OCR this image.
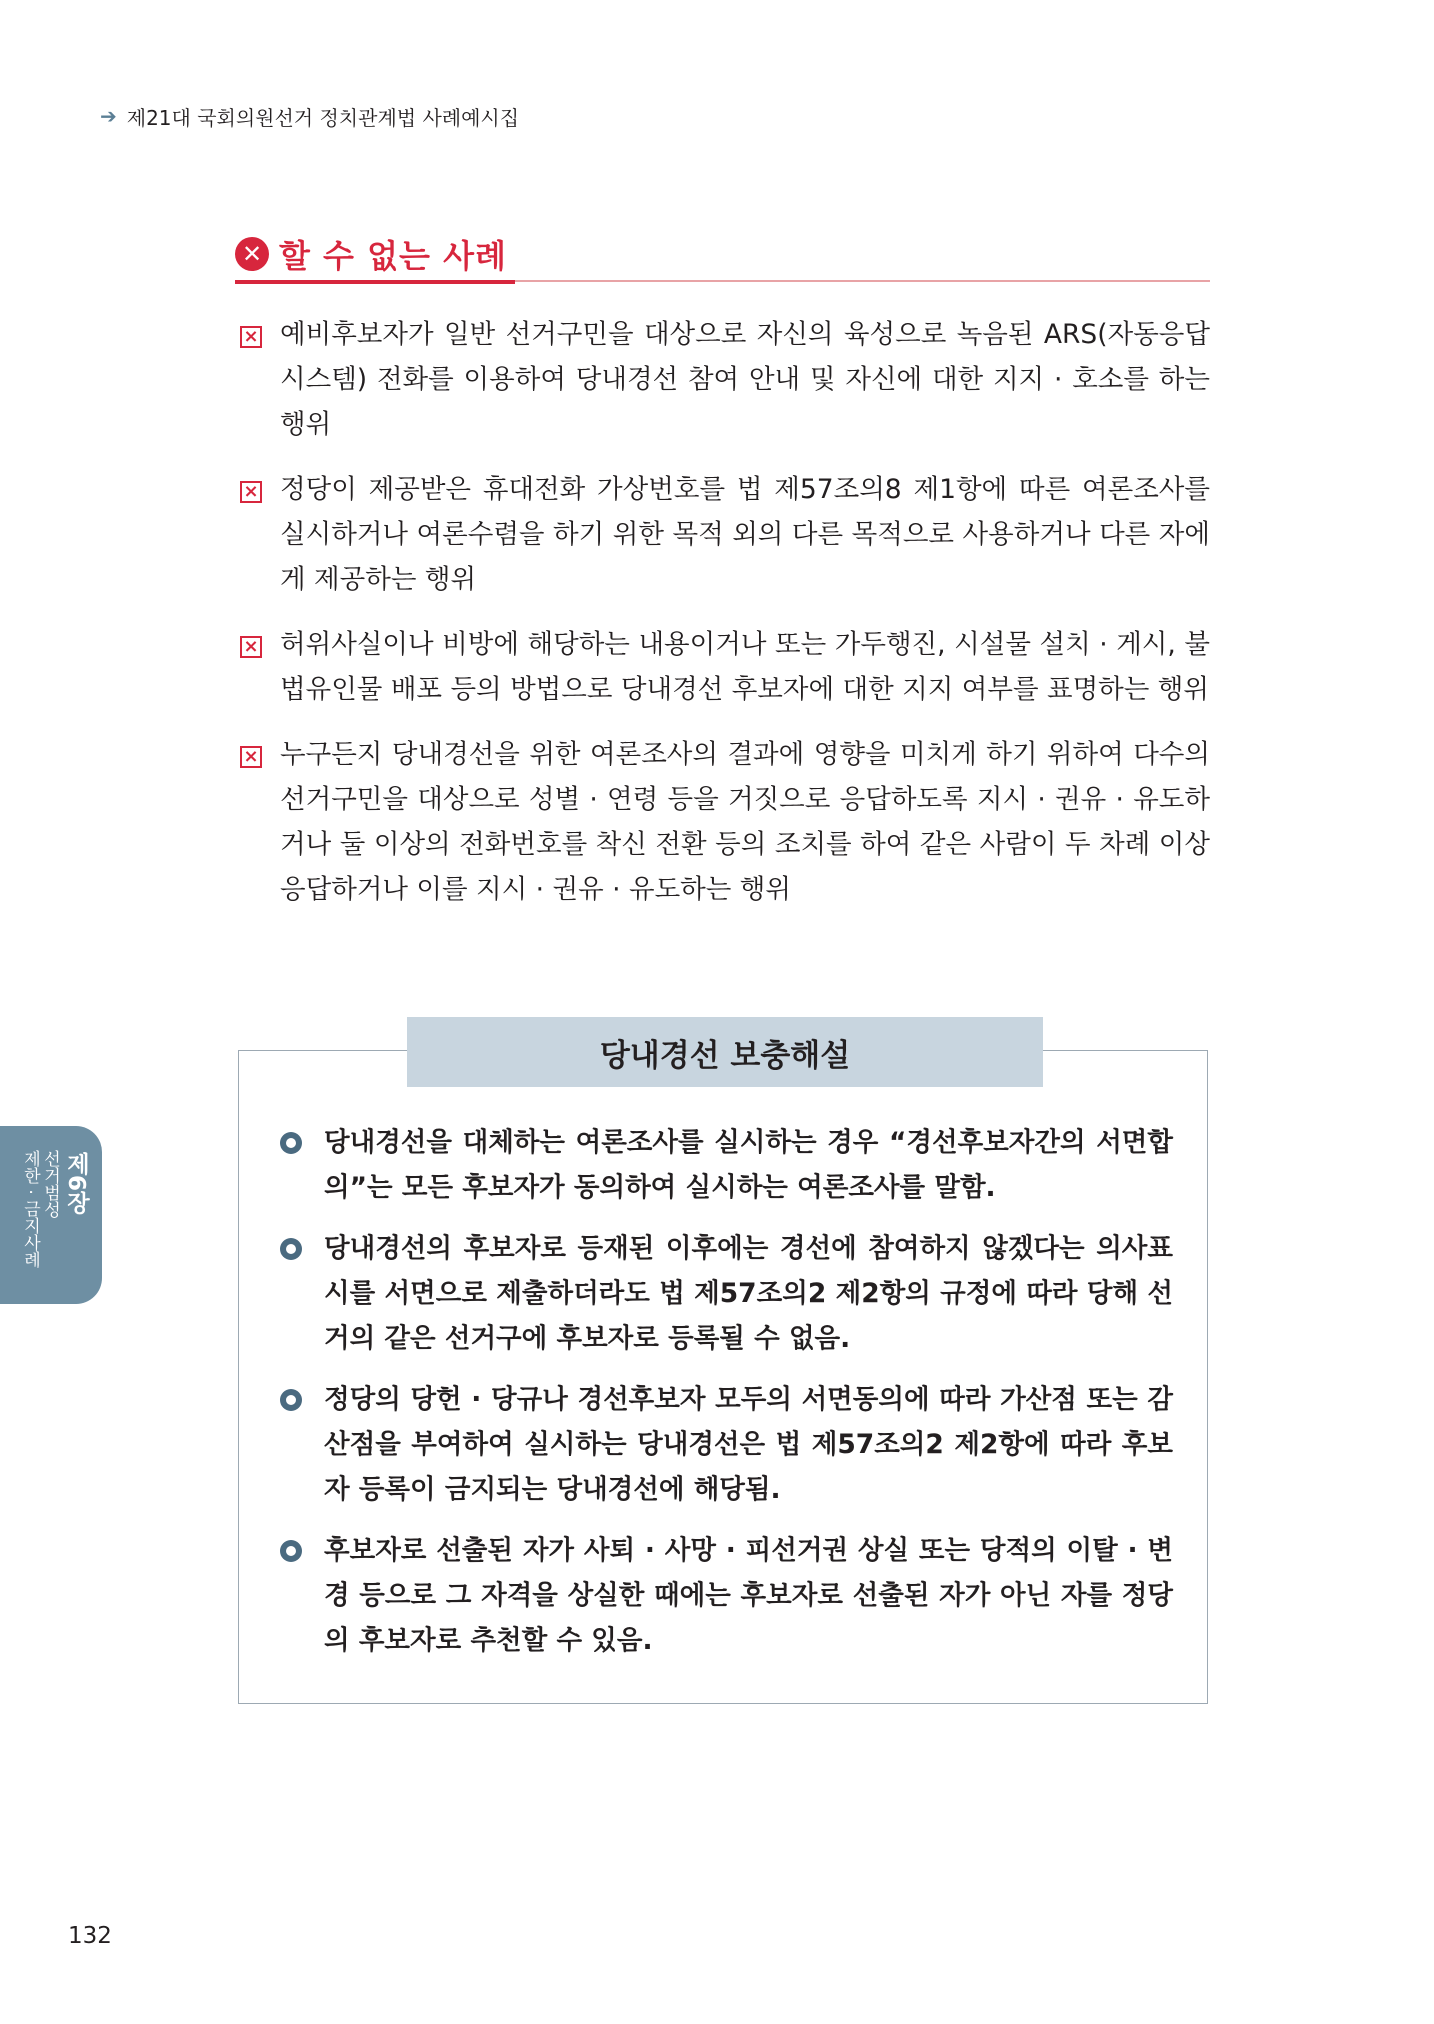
➔ 제21대 국회의원선거 정치관계법 사례예시집
✕ 할 수 없는 사례
× 예비후보자가 일반 선거구민을 대상으로 자신의 육성으로 녹음된 ARS(자동응답시스템) 전화를 이용하여 당내경선 참여 안내 및 자신에 대한 지지 · 호소를 하는 행위
× 정당이 제공받은 휴대전화 가상번호를 법 제57조의8 제1항에 따른 여론조사를 실시하거나 여론수렴을 하기 위한 목적 외의 다른 목적으로 사용하거나 다른 자에게 제공하는 행위
× 허위사실이나 비방에 해당하는 내용이거나 또는 가두행진, 시설물 설치 · 게시, 불법유인물 배포 등의 방법으로 당내경선 후보자에 대한 지지 여부를 표명하는 행위
× 누구든지 당내경선을 위한 여론조사의 결과에 영향을 미치게 하기 위하여 다수의 선거구민을 대상으로 성별 · 연령 등을 거짓으로 응답하도록 지시 · 권유 · 유도하거나 둘 이상의 전화번호를 착신 전환 등의 조치를 하여 같은 사람이 두 차례 이상 응답하거나 이를 지시 · 권유 · 유도하는 행위
당내경선 보충해설
당내경선을 대체하는 여론조사를 실시하는 경우 “경선후보자간의 서면합의”는 모든 후보자가 동의하여 실시하는 여론조사를 말함.
당내경선의 후보자로 등재된 이후에는 경선에 참여하지 않겠다는 의사표시를 서면으로 제출하더라도 법 제57조의2 제2항의 규정에 따라 당해 선거의 같은 선거구에 후보자로 등록될 수 없음.
정당의 당헌 · 당규나 경선후보자 모두의 서면동의에 따라 가산점 또는 감산점을 부여하여 실시하는 당내경선은 법 제57조의2 제2항에 따라 후보자 등록이 금지되는 당내경선에 해당됨.
후보자로 선출된 자가 사퇴 · 사망 · 피선거권 상실 또는 당적의 이탈 · 변경 등으로 그 자격을 상실한 때에는 후보자로 선출된 자가 아닌 자를 정당의 후보자로 추천할 수 있음.
제6장
선거범성
제한 · 금지사례
132
